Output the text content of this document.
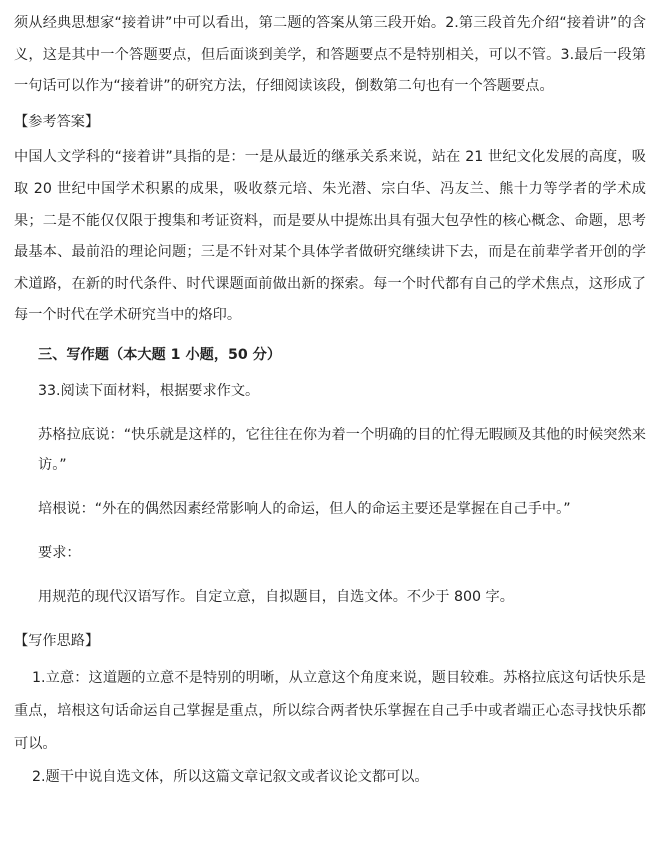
须从经典思想家“接着讲”中可以看出，第二题的答案从第三段开始。2.第三段首先介绍“接着讲”的含义，这是其中一个答题要点，但后面谈到美学，和答题要点不是特别相关，可以不管。3.最后一段第一句话可以作为“接着讲”的研究方法，仔细阅读该段，倒数第二句也有一个答题要点。

【参考答案】

中国人文学科的“接着讲”具指的是：一是从最近的继承关系来说，站在 21 世纪文化发展的高度，吸取 20 世纪中国学术积累的成果，吸收蔡元培、朱光潜、宗白华、冯友兰、熊十力等学者的学术成果；二是不能仅仅限于搜集和考证资料，而是要从中提炼出具有强大包孕性的核心概念、命题，思考最基本、最前沿的理论问题；三是不针对某个具体学者做研究继续讲下去，而是在前辈学者开创的学术道路，在新的时代条件、时代课题面前做出新的探索。每一个时代都有自己的学术焦点，这形成了每一个时代在学术研究当中的烙印。

三、写作题（本大题 1 小题，50 分）

33.阅读下面材料，根据要求作文。

苏格拉底说：“快乐就是这样的，它往往在你为着一个明确的目的忙得无暇顾及其他的时候突然来访。”

培根说：“外在的偶然因素经常影响人的命运，但人的命运主要还是掌握在自己手中。”

要求：

用规范的现代汉语写作。自定立意，自拟题目，自选文体。不少于 800 字。

【写作思路】

1.立意：这道题的立意不是特别的明晰，从立意这个角度来说，题目较难。苏格拉底这句话快乐是重点，培根这句话命运自己掌握是重点，所以综合两者快乐掌握在自己手中或者端正心态寻找快乐都可以。

2.题干中说自选文体，所以这篇文章记叙文或者议论文都可以。
